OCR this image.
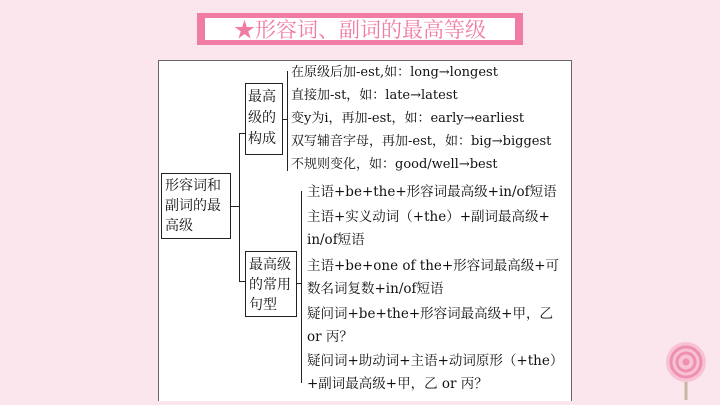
★形容词、副词的最高等级
形容词和副词的最高级
最高级的构成
在原级后加-est,如：long→longest
直接加-st，如：late→latest
变y为i，再加-est，如：early→earliest
双写辅音字母，再加-est，如：big→biggest
不规则变化，如：good/well→best
最高级的常用句型
主语+be+the+形容词最高级+in/of短语
主语+实义动词（+the）+副词最高级+
in/of短语
主语+be+one of the+形容词最高级+可
数名词复数+in/of短语
疑问词+be+the+形容词最高级+甲，乙
or 丙？
疑问词+助动词+主语+动词原形（+the）
+副词最高级+甲，乙 or 丙？
